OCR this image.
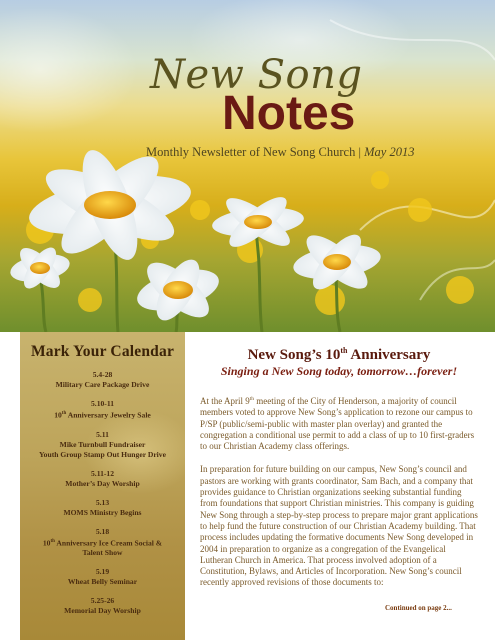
New Song
Notes
Monthly Newsletter of New Song Church | May 2013
Mark Your Calendar
5.4-28
Military Care Package Drive
5.10-11
10th Anniversary Jewelry Sale
5.11
Mike Turnbull Fundraiser
Youth Group Stamp Out Hunger Drive
5.11-12
Mother’s Day Worship
5.13
MOMS Ministry Begins
5.18
10th Anniversary Ice Cream Social &
Talent Show
5.19
Wheat Belly Seminar
5.25-26
Memorial Day Worship
New Song’s 10th Anniversary
Singing a New Song today, tomorrow…forever!

At the April 9th meeting of the City of Henderson, a majority of council members voted to approve New Song’s application to rezone our campus to P/SP (public/semi-public with master plan overlay) and granted the congregation a conditional use permit to add a class of up to 10 first-graders to our Christian Academy class offerings.

In preparation for future building on our campus, New Song’s council and pastors are working with grants coordinator, Sam Bach, and a company that provides guidance to Christian organizations seeking substantial funding from foundations that support Christian ministries. This company is guiding New Song through a step-by-step process to prepare major grant applications to help fund the future construction of our Christian Academy building. That process includes updating the formative documents New Song developed in 2004 in preparation to organize as a congregation of the Evangelical Lutheran Church in America. That process involved adoption of a Constitution, Bylaws, and Articles of Incorporation. New Song’s council recently approved revisions of those documents to:

Continued on page 2...
